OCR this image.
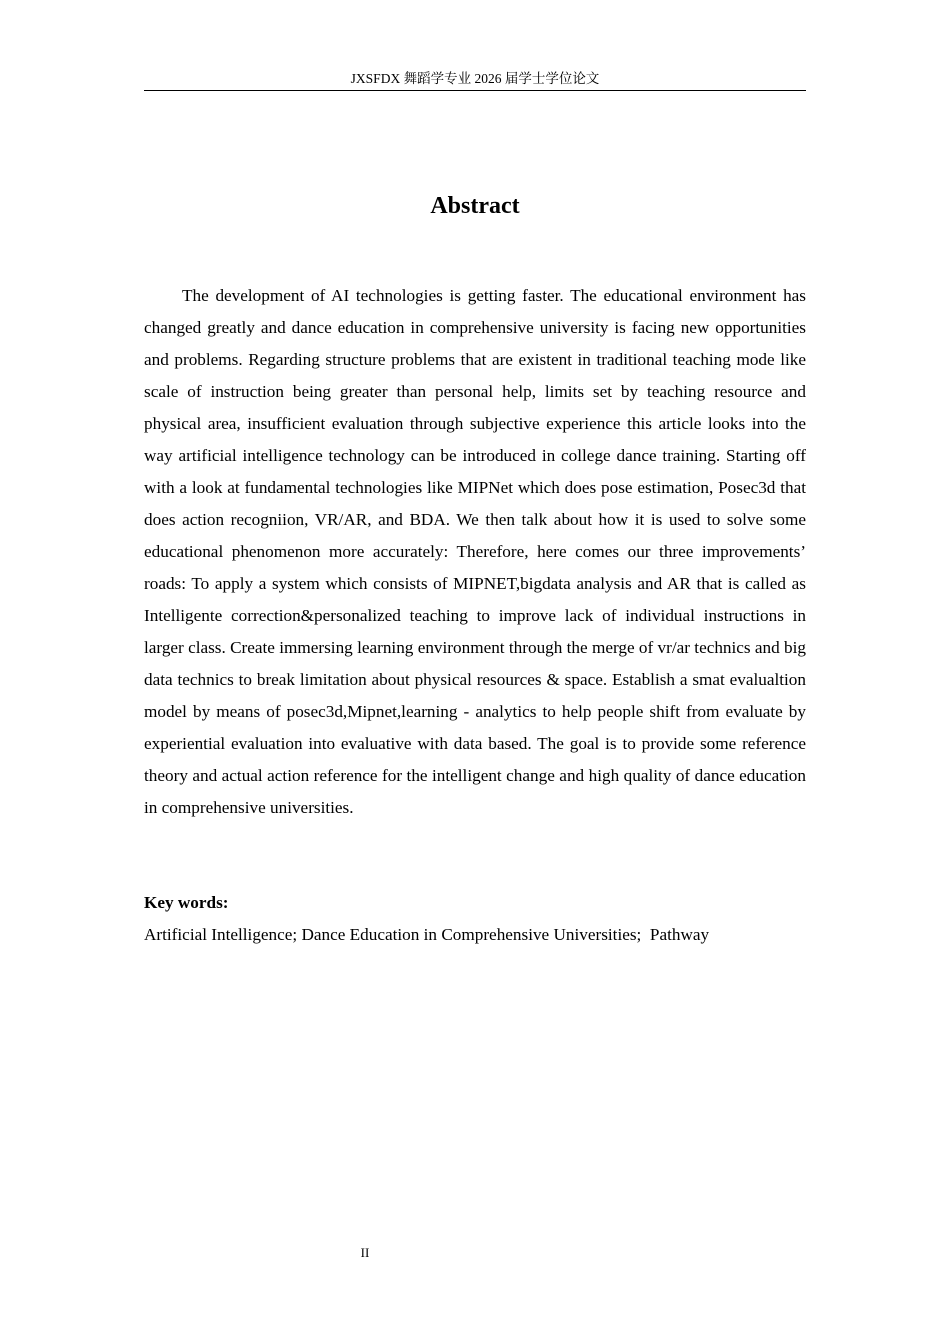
JXSFDX 舞蹈学专业 2026 届学士学位论文
Abstract

The development of AI technologies is getting faster. The educational environment has changed greatly and dance education in comprehensive university is facing new opportunities and problems. Regarding structure problems that are existent in traditional teaching mode like scale of instruction being greater than personal help, limits set by teaching resource and physical area, insufficient evaluation through subjective experience this article looks into the way artificial intelligence technology can be introduced in college dance training. Starting off with a look at fundamental technologies like MIPNet which does pose estimation, Posec3d that does action recogniion, VR/AR, and BDA. We then talk about how it is used to solve some educational phenomenon more accurately: Therefore, here comes our three improvements’ roads: To apply a system which consists of MIPNET,bigdata analysis and AR that is called as Intelligente correction&personalized teaching to improve lack of individual instructions in larger class. Create immersing learning environment through the merge of vr/ar technics and big data technics to break limitation about physical resources & space. Establish a smat evalualtion model by means of posec3d,Mipnet,learning - analytics to help people shift from evaluate by experiential evaluation into evaluative with data based. The goal is to provide some reference theory and actual action reference for the intelligent change and high quality of dance education in comprehensive universities.

Key words:
Artificial Intelligence; Dance Education in Comprehensive Universities;  Pathway
II
